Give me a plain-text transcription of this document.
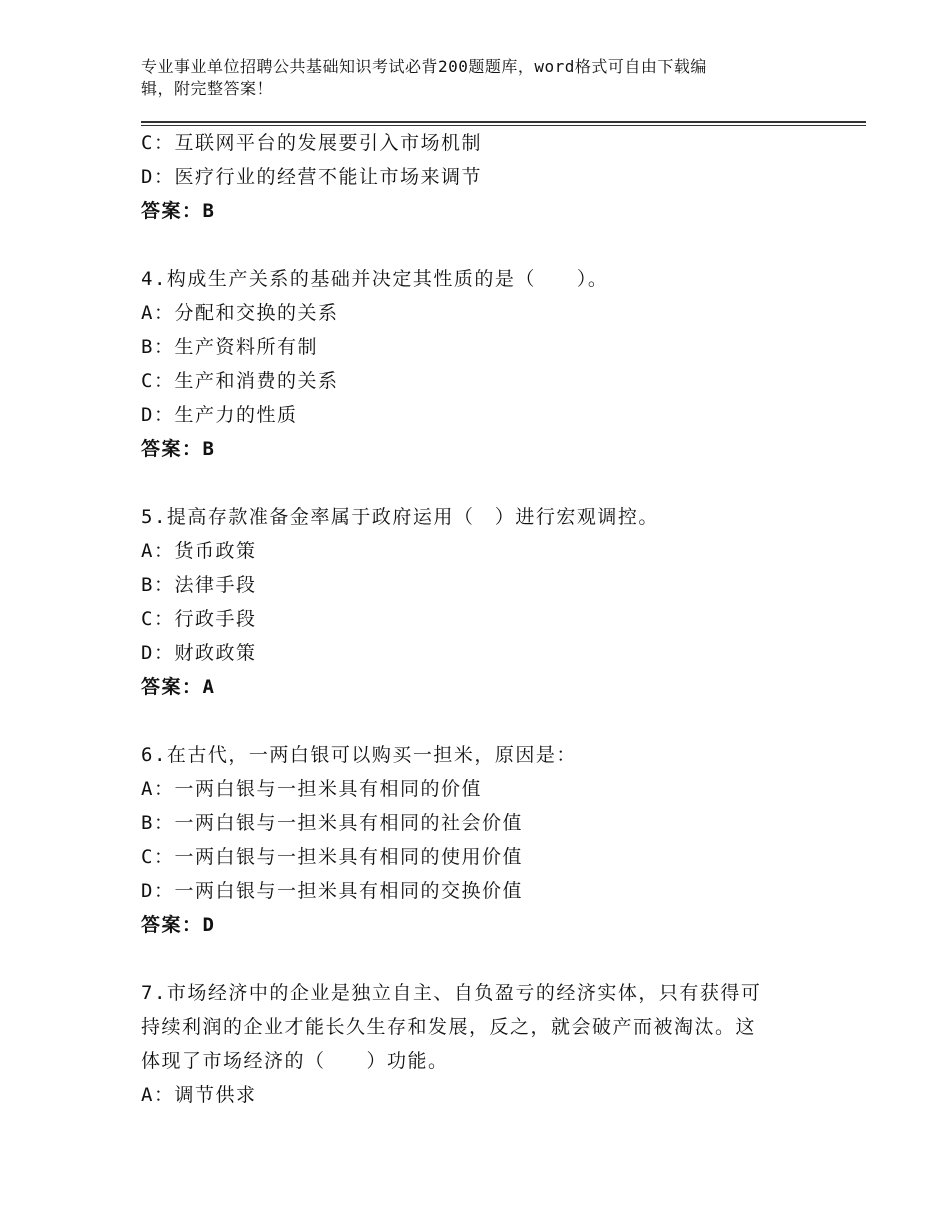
专业事业单位招聘公共基础知识考试必背200题题库，word格式可自由下载编
辑，附完整答案！
C：互联网平台的发展要引入市场机制
D：医疗行业的经营不能让市场来调节
答案：B
4.构成生产关系的基础并决定其性质的是（　　）。
A：分配和交换的关系
B：生产资料所有制
C：生产和消费的关系
D：生产力的性质
答案：B
5.提高存款准备金率属于政府运用（　）进行宏观调控。
A：货币政策
B：法律手段
C：行政手段
D：财政政策
答案：A
6.在古代，一两白银可以购买一担米，原因是：
A：一两白银与一担米具有相同的价值
B：一两白银与一担米具有相同的社会价值
C：一两白银与一担米具有相同的使用价值
D：一两白银与一担米具有相同的交换价值
答案：D
7.市场经济中的企业是独立自主、自负盈亏的经济实体，只有获得可
持续利润的企业才能长久生存和发展，反之，就会破产而被淘汰。这
体现了市场经济的（　　）功能。
A：调节供求
